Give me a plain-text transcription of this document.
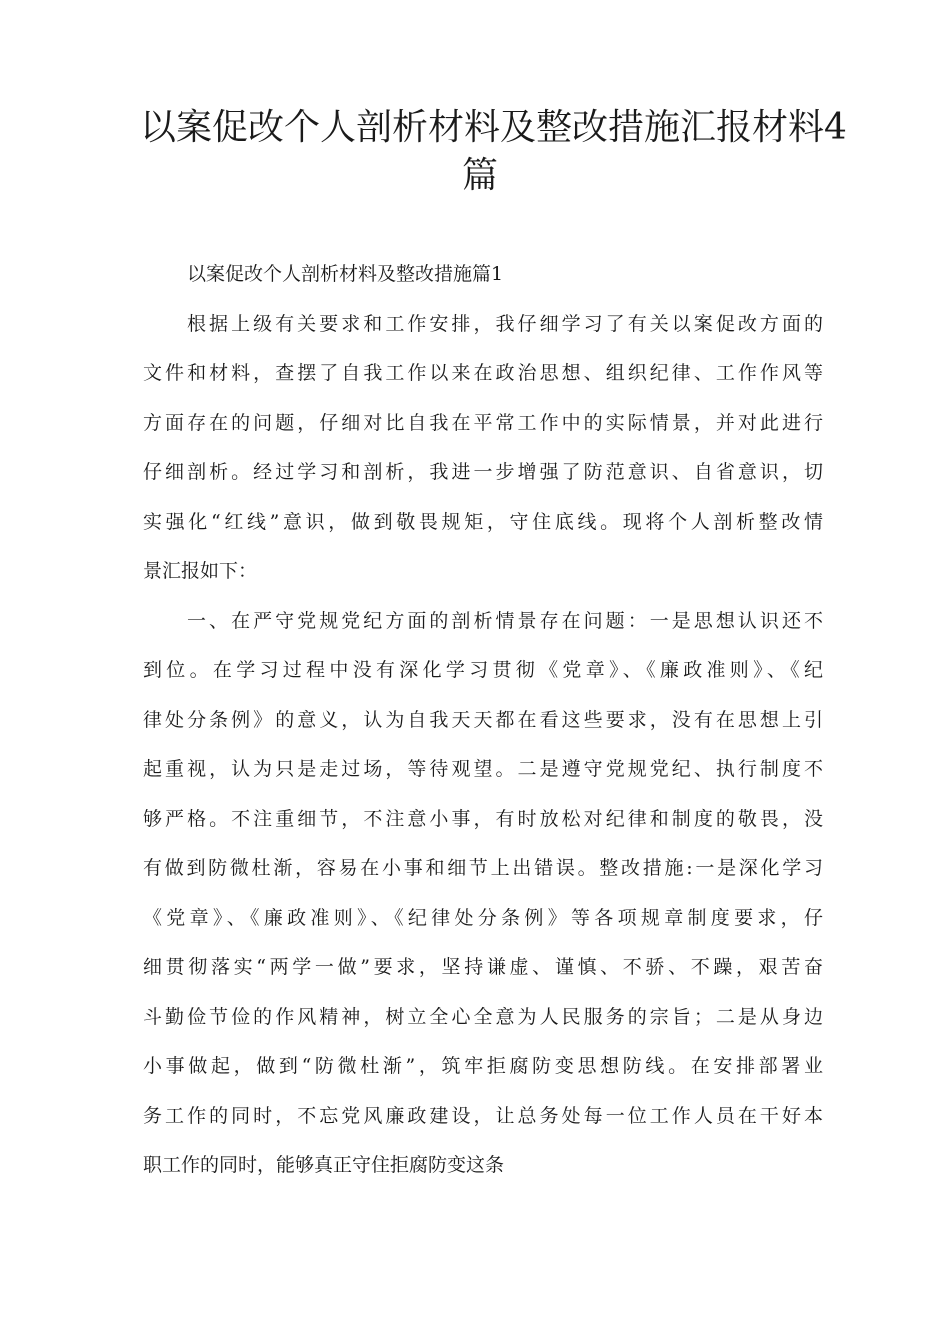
以案促改个人剖析材料及整改措施汇报材料4
篇
以案促改个人剖析材料及整改措施篇1
根据上级有关要求和工作安排，我仔细学习了有关以案促改方面的
文件和材料，查摆了自我工作以来在政治思想、组织纪律、工作作风等
方面存在的问题，仔细对比自我在平常工作中的实际情景，并对此进行
仔细剖析。经过学习和剖析，我进一步增强了防范意识、自省意识，切
实强化“红线”意识，做到敬畏规矩，守住底线。现将个人剖析整改情
景汇报如下：
一、在严守党规党纪方面的剖析情景存在问题：一是思想认识还不
到位。在学习过程中没有深化学习贯彻《党章》、《廉政准则》、《纪
律处分条例》的意义，认为自我天天都在看这些要求，没有在思想上引
起重视，认为只是走过场，等待观望。二是遵守党规党纪、执行制度不
够严格。不注重细节，不注意小事，有时放松对纪律和制度的敬畏，没
有做到防微杜渐，容易在小事和细节上出错误。整改措施:一是深化学习
《党章》、《廉政准则》、《纪律处分条例》等各项规章制度要求，仔
细贯彻落实“两学一做”要求，坚持谦虚、谨慎、不骄、不躁，艰苦奋
斗勤俭节俭的作风精神，树立全心全意为人民服务的宗旨；二是从身边
小事做起，做到“防微杜渐”，筑牢拒腐防变思想防线。在安排部署业
务工作的同时，不忘党风廉政建设，让总务处每一位工作人员在干好本
职工作的同时，能够真正守住拒腐防变这条
